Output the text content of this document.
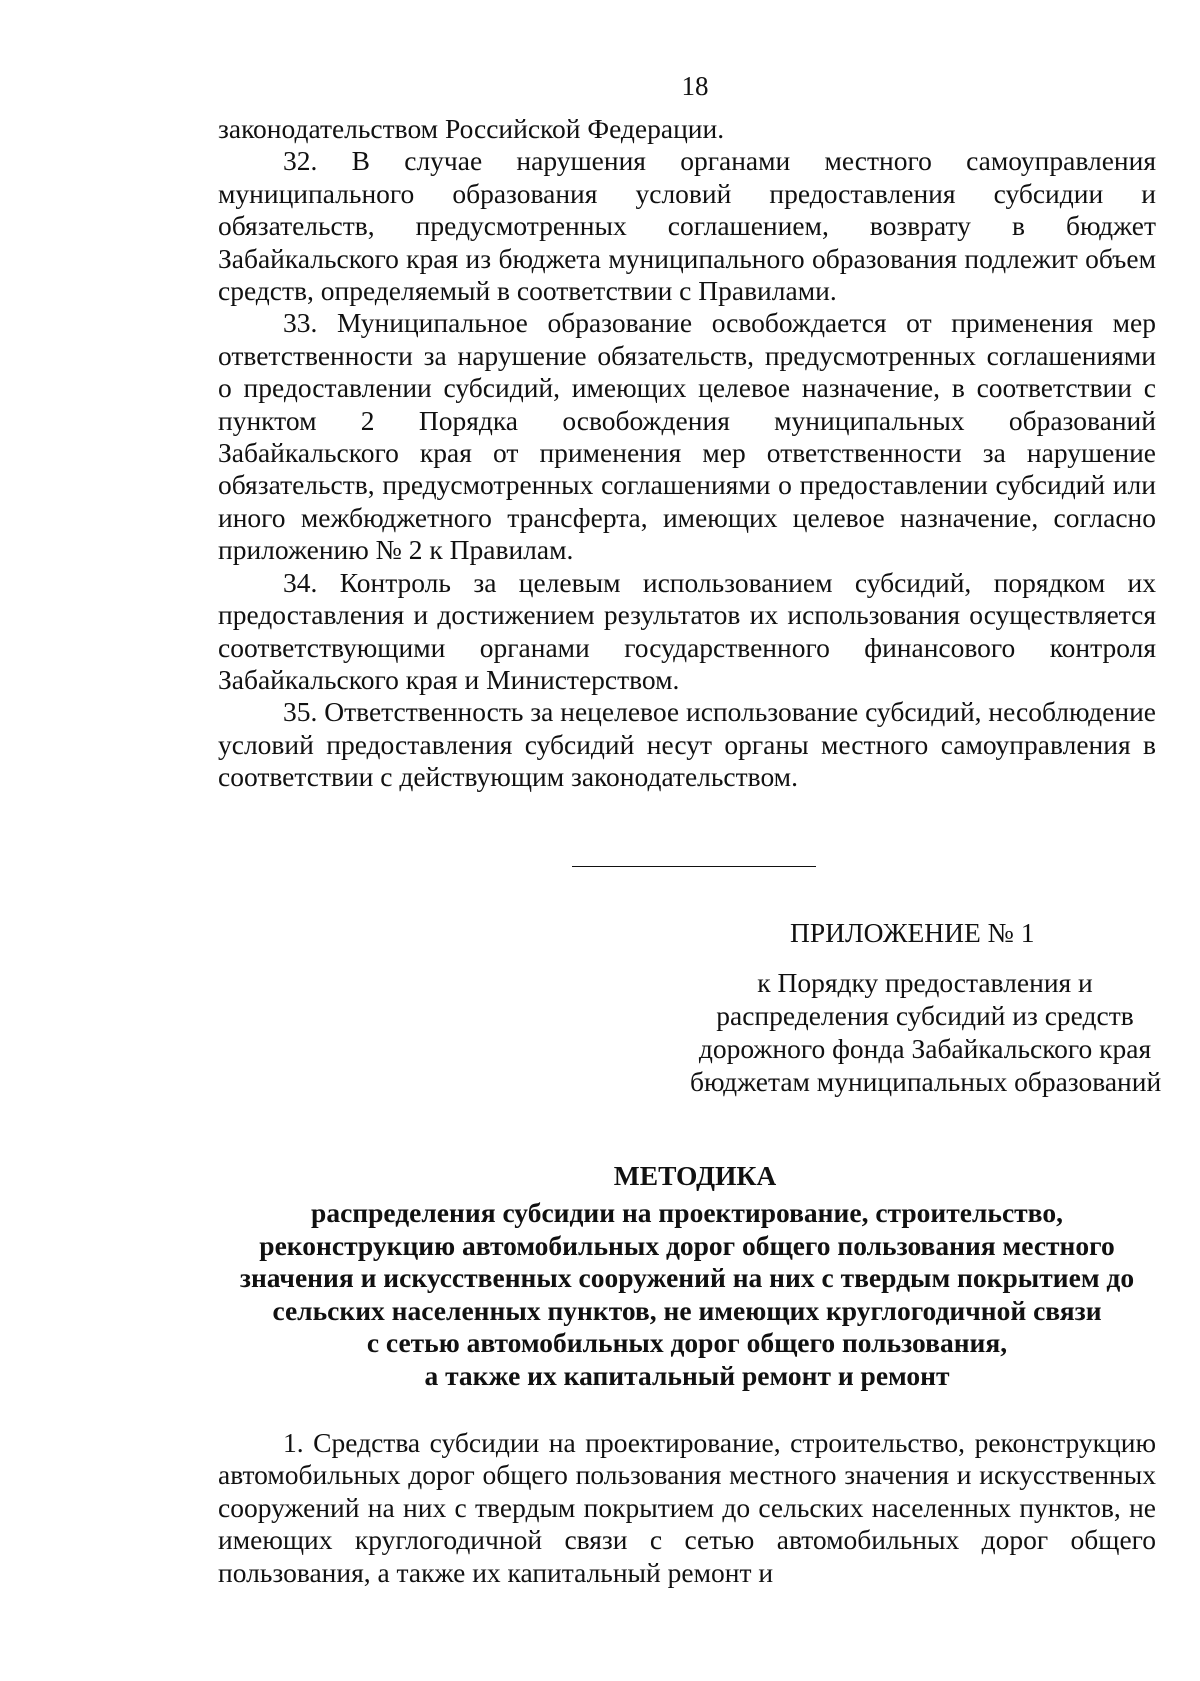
18

законодательством Российской Федерации.

32. В случае нарушения органами местного самоуправления муниципального образования условий предоставления субсидии и обязательств, предусмотренных соглашением, возврату в бюджет Забайкальского края из бюджета муниципального образования подлежит объем средств, определяемый в соответствии с Правилами.

33. Муниципальное образование освобождается от применения мер ответственности за нарушение обязательств, предусмотренных соглашениями о предоставлении субсидий, имеющих целевое назначение, в соответствии с пунктом 2 Порядка освобождения муниципальных образований Забайкальского края от применения мер ответственности за нарушение обязательств, предусмотренных соглашениями о предоставлении субсидий или иного межбюджетного трансферта, имеющих целевое назначение, согласно приложению № 2 к Правилам.

34. Контроль за целевым использованием субсидий, порядком их предоставления и достижением результатов их использования осуществляется соответствующими органами государственного финансового контроля Забайкальского края и Министерством.

35. Ответственность за нецелевое использование субсидий, несоблюдение условий предоставления субсидий несут органы местного самоуправления в соответствии с действующим законодательством.

ПРИЛОЖЕНИЕ № 1
к Порядку предоставления и
распределения субсидий из средств
дорожного фонда Забайкальского края
бюджетам муниципальных образований
МЕТОДИКА
распределения субсидии на проектирование, строительство,
реконструкцию автомобильных дорог общего пользования местного
значения и искусственных сооружений на них с твердым покрытием до
сельских населенных пунктов, не имеющих круглогодичной связи
с сетью автомобильных дорог общего пользования,
а также их капитальный ремонт и ремонт

1. Средства субсидии на проектирование, строительство, реконструкцию автомобильных дорог общего пользования местного значения и искусственных сооружений на них с твердым покрытием до сельских населенных пунктов, не имеющих круглогодичной связи с сетью автомобильных дорог общего пользования, а также их капитальный ремонт и
